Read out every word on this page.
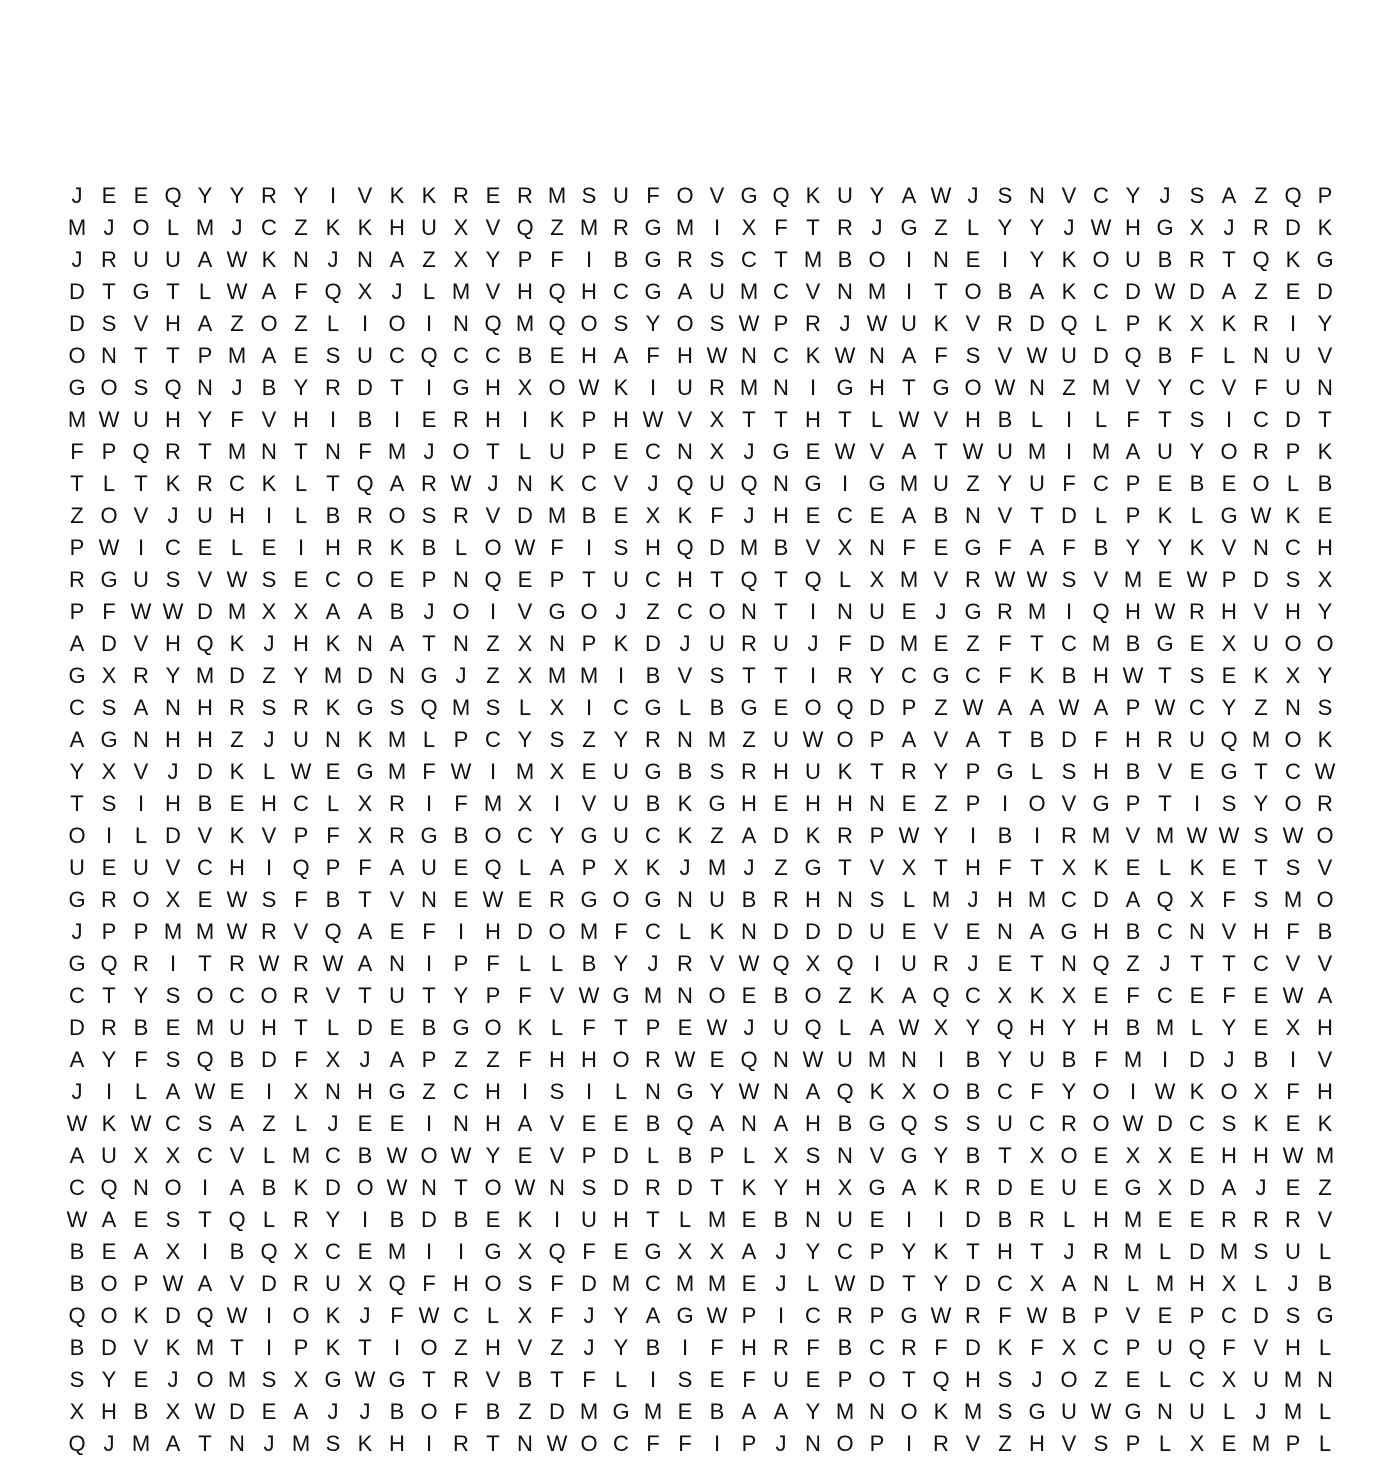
J E E Q Y Y R Y I V K K R E R M S U F O V G Q K U Y A W J S N V C Y J S A Z Q P
M J O L M J C Z K K H U X V Q Z M R G M I X F T R J G Z L Y Y J W H G X J R D K
J R U U A W K N J N A Z X Y P F	I B G R S C T M B O I N E I Y K O U B R T Q K G
D T G T L W A F Q X J L M V H Q H C G A U M C V N M I	T O B A K C D W D A Z E D
D S V H A Z O Z L	I O I N Q M Q O S Y O S W P R J W U K V R D Q L P K X K R I Y
O N T T P M A E S U C Q C C B E H A F H W N C K W N A F S V W U D Q B F L N U V
G O S Q N J B Y R D T	I G H X O W K I U R M N I G H T G O W N Z M V Y C V F U N
M W U H Y F V H I B I E R H I K P H W V X T T H T L W V H B L	I	L F T S I C D T
F P Q R T M N T N F M J O T L U P E C N X J G E W V A T W U M I M A U Y O R P K
T L T K R C K L T Q A R W J N K C V J Q U Q N G I G M U Z Y U F C P E B E O L B
Z O V J U H I	L B R O S R V D M B E X K F J H E C E A B N V T D L P K L G W K E
P W I C E L E I H R K B L O W F	I S H Q D M B V X N F E G F A F B Y Y K V N C H
R G U S V W S E C O E P N Q E P T U C H T Q T Q L X M V R W W S V M E W P D S X
P F W W D M X X A A B J O I V G O J Z C O N T	I N U E J G R M I Q H W R H V H Y
A D V H Q K J H K N A T N Z X N P K D J U R U J F D M E Z F T C M B G E X U O O
G X R Y M D Z Y M D N G J Z X M M I B V S T T	I R Y C G C F K B H W T S E K X Y
C S A N H R S R K G S Q M S L X I C G L B G E O Q D P Z W A A W A P W C Y Z N S
A G N H H Z J U N K M L P C Y S Z Y R N M Z U W O P A V A T B D F H R U Q M O K
Y X V J D K L W E G M F W I M X E U G B S R H U K T R Y P G L S H B V E G T C W
T S I H B E H C L X R I	F M X I V U B K G H E H H N E Z P I O V G P T	I S Y O R
O I	L D V K V P F X R G B O C Y G U C K Z A D K R P W Y I B I R M V M W W S W O
U E U V C H I Q P F A U E Q L A P X K J M J Z G T V X T H F T X K E L K E T S V
G R O X E W S F B T V N E W E R G O G N U B R H N S L M J H M C D A Q X F S M O
J P P M M W R V Q A E F	I H D O M F C L K N D D D U E V E N A G H B C N V H F B
G Q R I	T R W R W A N I P F L L B Y J R V W Q X Q I U R J E T N Q Z J T T C V V
C T Y S O C O R V T U T Y P F V W G M N O E B O Z K A Q C X K X E F C E F E W A
D R B E M U H T L D E B G O K L F T P E W J U Q L A W X Y Q H Y H B M L Y E X H
A Y F S Q B D F X J A P Z Z F H H O R W E Q N W U M N I B Y U B F M I D J B I V
J	I	L A W E I X N H G Z C H I S I	L N G Y W N A Q K X O B C F Y O I W K O X F H
W K W C S A Z L J E E I N H A V E E B Q A N A H B G Q S S U C R O W D C S K E K
A U X X C V L M C B W O W Y E V P D L B P L X S N V G Y B T X O E X X E H H W M
C Q N O I A B K D O W N T O W N S D R D T K Y H X G A K R D E U E G X D A J E Z
W A E S T Q L R Y I B D B E K I U H T L M E B N U E I	I D B R L H M E E R R R V
B E A X I B Q X C E M I	I G X Q F E G X X A J Y C P Y K T H T J R M L D M S U L
B O P W A V D R U X Q F H O S F D M C M M E J L W D T Y D C X A N L M H X L J B
Q O K D Q W I O K J F W C L X F J Y A G W P I C R P G W R F W B P V E P C D S G
B D V K M T	I P K T	I O Z H V Z J Y B I	F H R F B C R F D K F X C P U Q F V H L
S Y E J O M S X G W G T R V B T F L	I S E F U E P O T Q H S J O Z E L C X U M N
X H B X W D E A J J B O F B Z D M G M E B A A Y M N O K M S G U W G N U L J M L
Q J M A T N J M S K H I R T N W O C F F	I P J N O P I R V Z H V S P L X E M P L
